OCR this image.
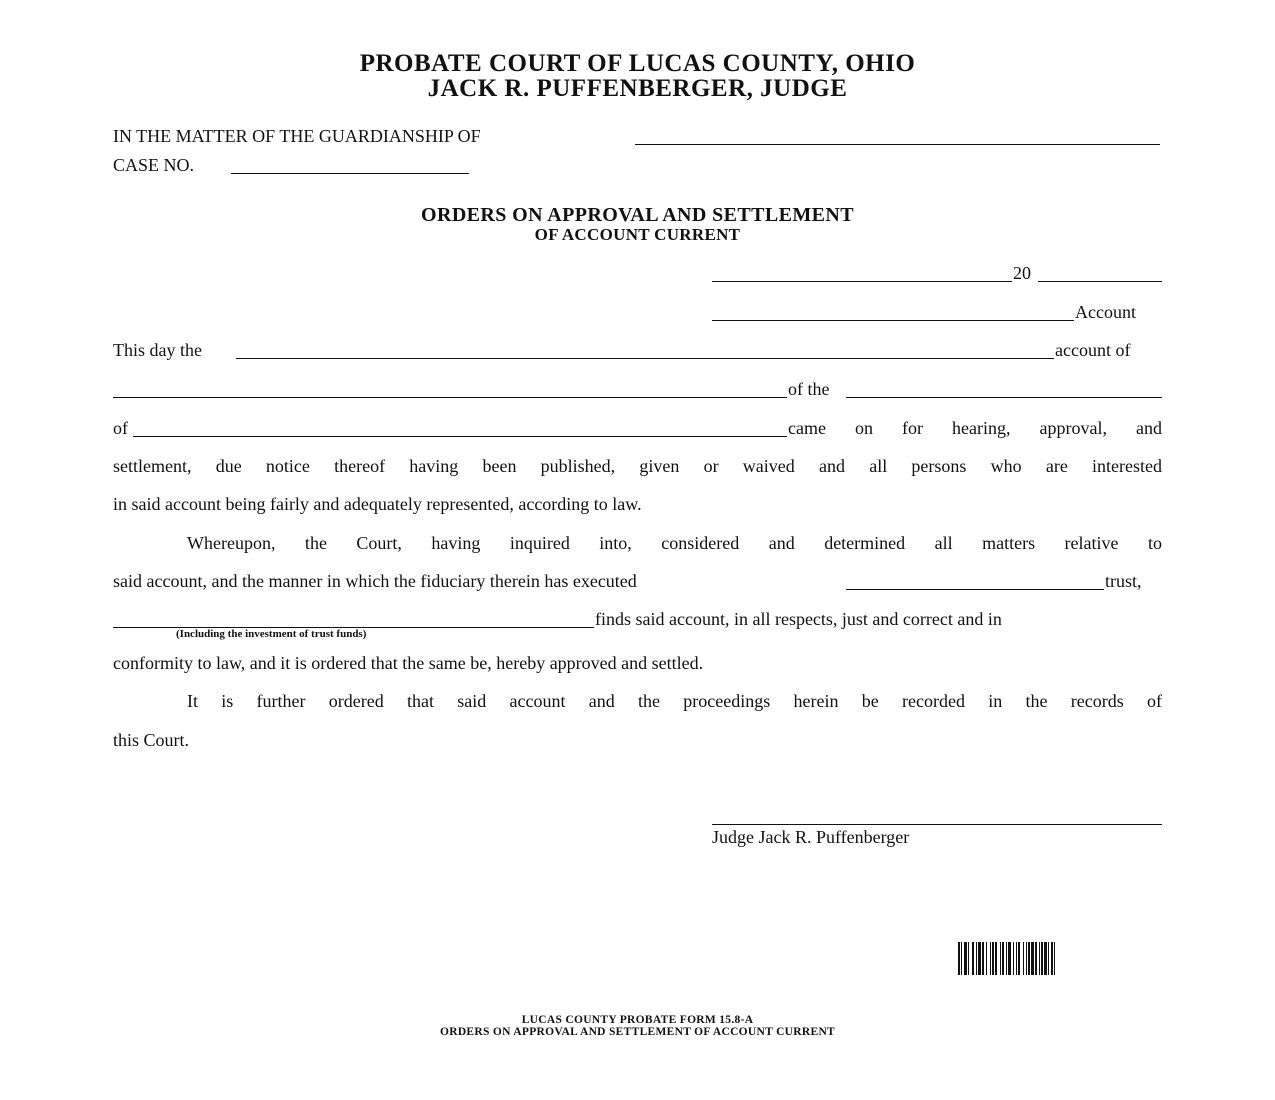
PROBATE COURT OF LUCAS COUNTY, OHIO
JACK R. PUFFENBERGER, JUDGE
IN THE MATTER OF THE GUARDIANSHIP OF
CASE NO.
ORDERS ON APPROVAL AND SETTLEMENT
OF ACCOUNT CURRENT
20
Account
This day the	account of
of the
of	came on for hearing, approval, and
settlement, due notice thereof having been published, given or waived and all persons who are interested
in said account being fairly and adequately represented, according to law.
Whereupon, the Court, having inquired into, considered and determined all matters relative to
said account, and the manner in which the fiduciary therein has executed	trust,
(Including the investment of trust funds)
finds said account, in all respects, just and correct and in
conformity to law, and it is ordered that the same be, hereby approved and settled.
It is further ordered that said account and the proceedings herein be recorded in the records of
this Court.
Judge Jack R. Puffenberger
LUCAS COUNTY PROBATE FORM 15.8-A
ORDERS ON APPROVAL AND SETTLEMENT OF ACCOUNT CURRENT
